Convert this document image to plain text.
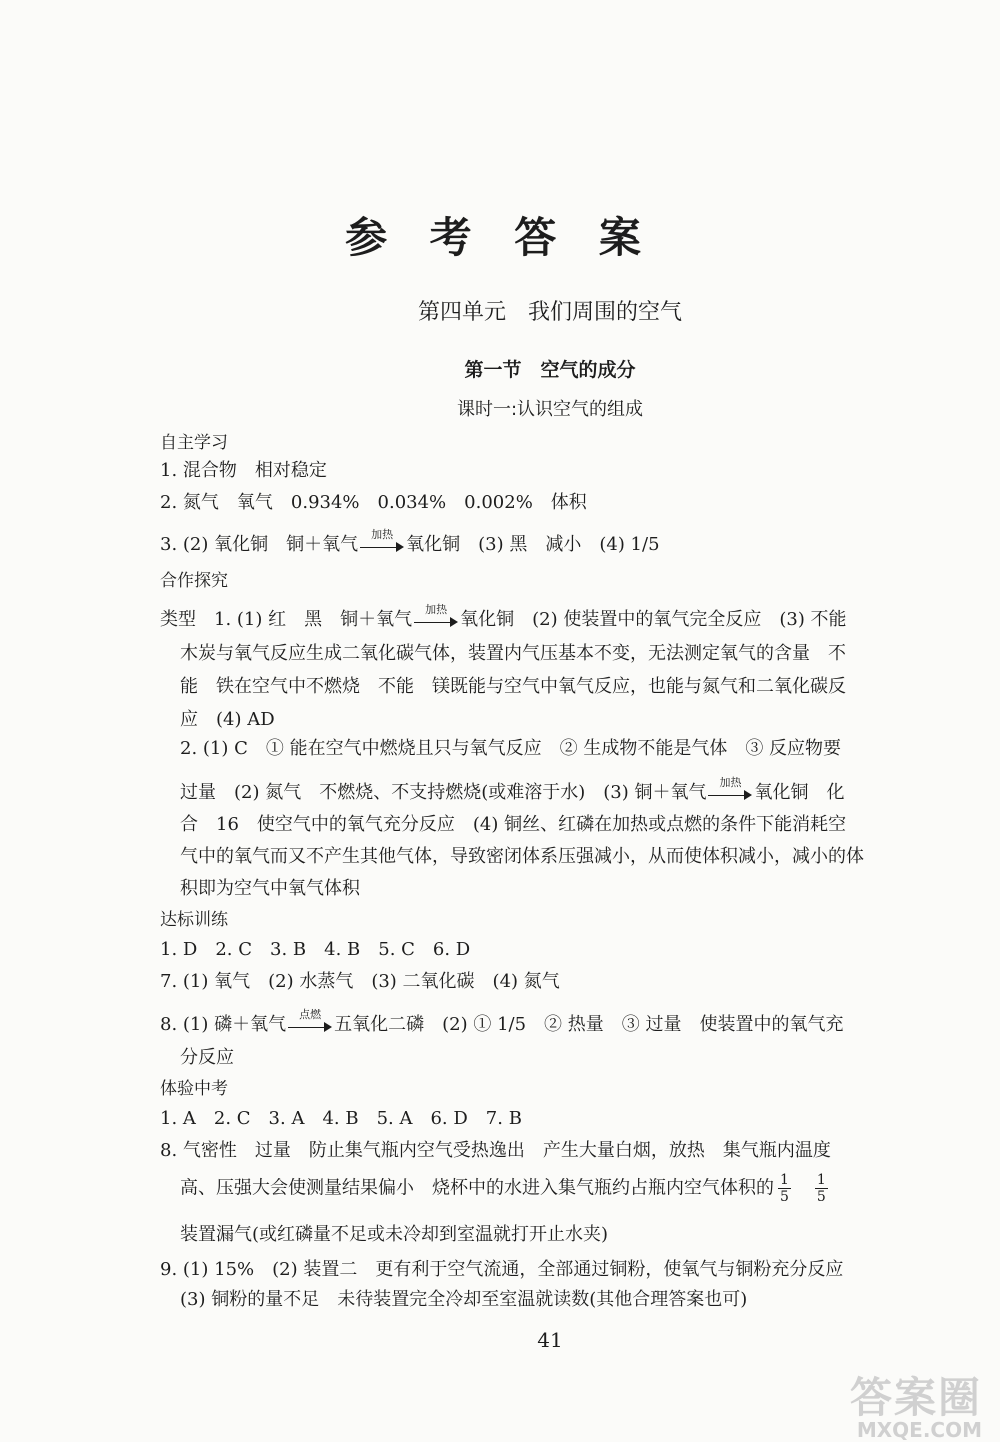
参 考 答 案
第四单元　我们周围的空气
第一节　空气的成分
课时一:认识空气的组成
自主学习
1. 混合物　相对稳定
2. 氮气　氧气　0.934%　0.034%　0.002%　体积
3. (2) 氧化铜　铜＋氧气	加热 氧化铜　(3) 黑　减小　(4) 1/5
合作探究
类型　1. (1) 红　黑　铜＋氧气	加热 氧化铜　(2) 使装置中的氧气完全反应　(3) 不能
木炭与氧气反应生成二氧化碳气体，装置内气压基本不变，无法测定氧气的含量　不
能　铁在空气中不燃烧　不能　镁既能与空气中氧气反应，也能与氮气和二氧化碳反
应　(4) AD
2. (1) C　① 能在空气中燃烧且只与氧气反应　② 生成物不能是气体　③ 反应物要
过量　(2) 氮气　不燃烧、不支持燃烧(或难溶于水)　(3) 铜＋氧气	加热 氧化铜　化
合　16　使空气中的氧气充分反应　(4) 铜丝、红磷在加热或点燃的条件下能消耗空
气中的氧气而又不产生其他气体，导致密闭体系压强减小，从而使体积减小，减小的体
积即为空气中氧气体积
达标训练
1. D　2. C　3. B　4. B　5. C　6. D
7. (1) 氧气　(2) 水蒸气　(3) 二氧化碳　(4) 氮气
8. (1) 磷＋氧气	点燃 五氧化二磷　(2) ① 1/5　② 热量　③ 过量　使装置中的氧气充
分反应
体验中考
1. A　2. C　3. A　4. B　5. A　6. D　7. B
8. 气密性　过量　防止集气瓶内空气受热逸出　产生大量白烟，放热　集气瓶内温度
高、压强大会使测量结果偏小　烧杯中的水进入集气瓶约占瓶内空气体积的 $\frac{1}{5} \frac{1}{5}$
装置漏气(或红磷量不足或未冷却到室温就打开止水夹)
9. (1) 15%　(2) 装置二　更有利于空气流通，全部通过铜粉，使氧气与铜粉充分反应
(3) 铜粉的量不足　未待装置完全冷却至室温就读数(其他合理答案也可)
41
答案圈
MXQE.COM
